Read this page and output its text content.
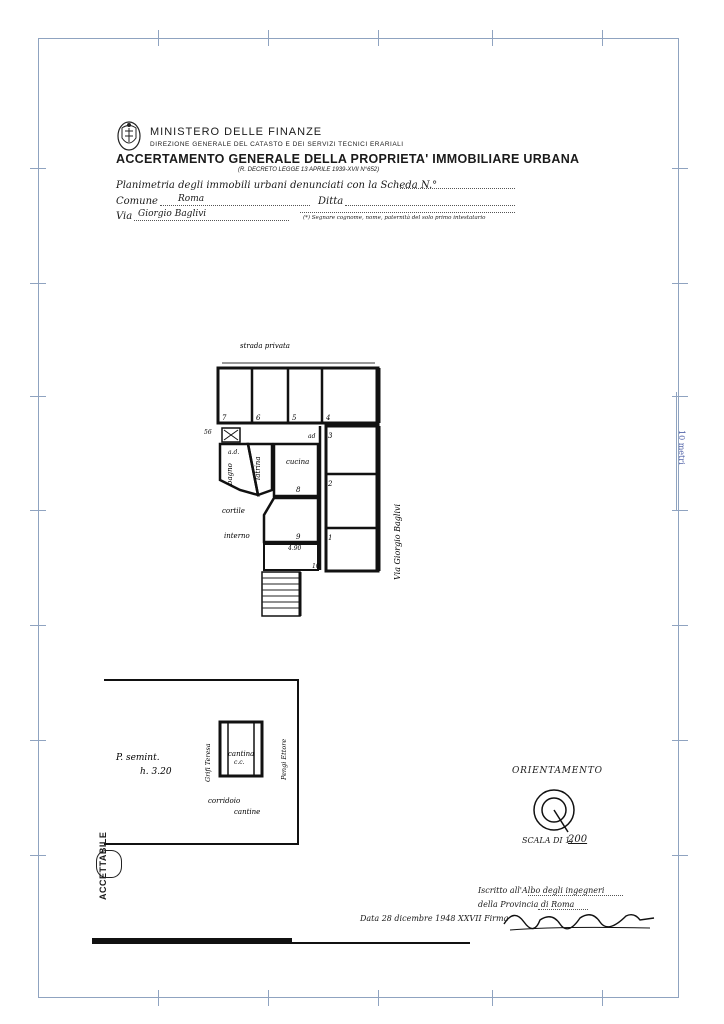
10 metri
MINISTERO DELLE FINANZE
DIREZIONE GENERALE DEL CATASTO E DEI SERVIZI TECNICI ERARIALI
ACCERTAMENTO GENERALE DELLA PROPRIETA' IMMOBILIARE URBANA
(R. DECRETO LEGGE 13 APRILE 1939-XVII N°652)
Planimetria degli immobili urbani denunciati con la Scheda N.°
Comune Roma	Ditta
Via Giorgio Baglivi	(*) Segnare cognome, nome, paternità del solo primo intestatario
7	6	5	4
3
2
1
8
9
10
56
ad
a.d.
4.90
cucina
cortile
interno
strada privata
bagno	latrina
Via Giorgio Baglivi
P. semint.
h. 3.20
cantina
c.c.
Grifi Teresa	Pengi Ettore
corridoio
cantine
ACCETTABILE
ORIENTAMENTO
SCALA DI 1:
200
Iscritto all'Albo degli ingegneri
della Provincia di Roma
Data 28 dicembre 1948 XXVII Firma
